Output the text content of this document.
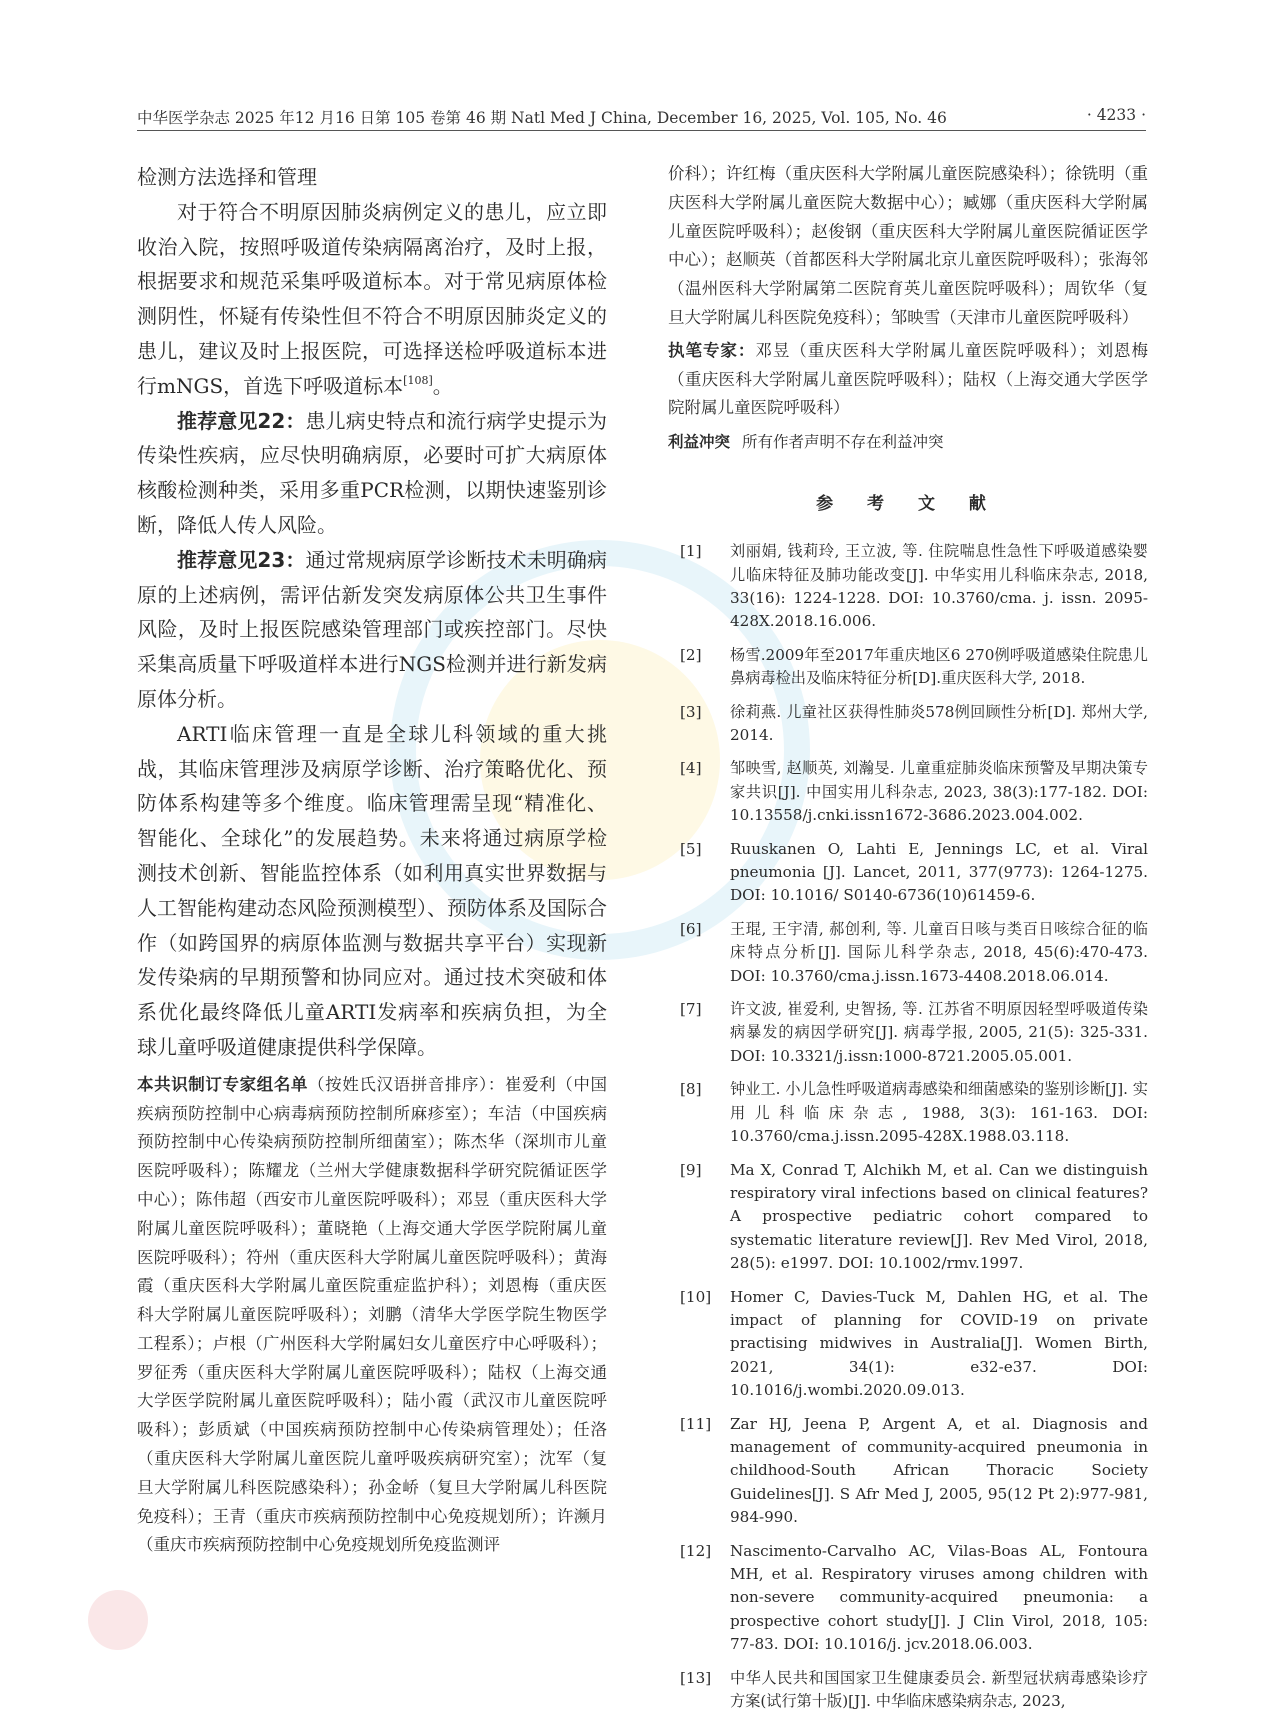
中华医学杂志 2025 年12 月16 日第 105 卷第 46 期 Natl Med J China, December 16, 2025, Vol. 105, No. 46	· 4233 ·

检测方法选择和管理

对于符合不明原因肺炎病例定义的患儿，应立即收治入院，按照呼吸道传染病隔离治疗，及时上报，根据要求和规范采集呼吸道标本。对于常见病原体检测阴性，怀疑有传染性但不符合不明原因肺炎定义的患儿，建议及时上报医院，可选择送检呼吸道标本进行mNGS，首选下呼吸道标本[108]。

推荐意见22：患儿病史特点和流行病学史提示为传染性疾病，应尽快明确病原，必要时可扩大病原体核酸检测种类，采用多重PCR检测，以期快速鉴别诊断，降低人传人风险。

推荐意见23：通过常规病原学诊断技术未明确病原的上述病例，需评估新发突发病原体公共卫生事件风险，及时上报医院感染管理部门或疾控部门。尽快采集高质量下呼吸道样本进行NGS检测并进行新发病原体分析。

ARTI临床管理一直是全球儿科领域的重大挑战，其临床管理涉及病原学诊断、治疗策略优化、预防体系构建等多个维度。临床管理需呈现“精准化、智能化、全球化”的发展趋势。未来将通过病原学检测技术创新、智能监控体系（如利用真实世界数据与人工智能构建动态风险预测模型）、预防体系及国际合作（如跨国界的病原体监测与数据共享平台）实现新发传染病的早期预警和协同应对。通过技术突破和体系优化最终降低儿童ARTI发病率和疾病负担，为全球儿童呼吸道健康提供科学保障。

本共识制订专家组名单（按姓氏汉语拼音排序）：崔爱利（中国疾病预防控制中心病毒病预防控制所麻疹室）；车洁（中国疾病预防控制中心传染病预防控制所细菌室）；陈杰华（深圳市儿童医院呼吸科）；陈耀龙（兰州大学健康数据科学研究院循证医学中心）；陈伟超（西安市儿童医院呼吸科）；邓昱（重庆医科大学附属儿童医院呼吸科）；董晓艳（上海交通大学医学院附属儿童医院呼吸科）；符州（重庆医科大学附属儿童医院呼吸科）；黄海霞（重庆医科大学附属儿童医院重症监护科）；刘恩梅（重庆医科大学附属儿童医院呼吸科）；刘鹏（清华大学医学院生物医学工程系）；卢根（广州医科大学附属妇女儿童医疗中心呼吸科）；罗征秀（重庆医科大学附属儿童医院呼吸科）；陆权（上海交通大学医学院附属儿童医院呼吸科）；陆小霞（武汉市儿童医院呼吸科）；彭质斌（中国疾病预防控制中心传染病管理处）；任洛（重庆医科大学附属儿童医院儿童呼吸疾病研究室）；沈军（复旦大学附属儿科医院感染科）；孙金峤（复旦大学附属儿科医院免疫科）；王青（重庆市疾病预防控制中心免疫规划所）；许濒月（重庆市疾病预防控制中心免疫规划所免疫监测评
价科）；许红梅（重庆医科大学附属儿童医院感染科）；徐铣明（重庆医科大学附属儿童医院大数据中心）；臧娜（重庆医科大学附属儿童医院呼吸科）；赵俊钢（重庆医科大学附属儿童医院循证医学中心）；赵顺英（首都医科大学附属北京儿童医院呼吸科）；张海邻（温州医科大学附属第二医院育英儿童医院呼吸科）；周钦华（复旦大学附属儿科医院免疫科）；邹映雪（天津市儿童医院呼吸科）
执笔专家：邓昱（重庆医科大学附属儿童医院呼吸科）；刘恩梅（重庆医科大学附属儿童医院呼吸科）；陆权（上海交通大学医学院附属儿童医院呼吸科）
利益冲突 所有作者声明不存在利益冲突
参 考 文 献
[1] 刘丽娟, 钱莉玲, 王立波, 等. 住院喘息性急性下呼吸道感染婴儿临床特征及肺功能改变[J]. 中华实用儿科临床杂志, 2018, 33(16): 1224-1228. DOI: 10.3760/cma. j. issn. 2095-428X.2018.16.006.
[2] 杨雪.2009年至2017年重庆地区6 270例呼吸道感染住院患儿鼻病毒检出及临床特征分析[D].重庆医科大学, 2018.
[3] 徐莉燕. 儿童社区获得性肺炎578例回顾性分析[D]. 郑州大学, 2014.
[4] 邹映雪, 赵顺英, 刘瀚旻. 儿童重症肺炎临床预警及早期决策专家共识[J]. 中国实用儿科杂志, 2023, 38(3):177-182. DOI: 10.13558/j.cnki.issn1672-3686.2023.004.002.
[5] Ruuskanen O, Lahti E, Jennings LC, et al. Viral pneumonia [J]. Lancet, 2011, 377(9773): 1264-1275. DOI: 10.1016/ S0140-6736(10)61459-6.
[6] 王琨, 王宇清, 郝创利, 等. 儿童百日咳与类百日咳综合征的临床特点分析[J]. 国际儿科学杂志, 2018, 45(6):470-473. DOI: 10.3760/cma.j.issn.1673-4408.2018.06.014.
[7] 许文波, 崔爱利, 史智扬, 等. 江苏省不明原因轻型呼吸道传染病暴发的病因学研究[J]. 病毒学报, 2005, 21(5): 325-331. DOI: 10.3321/j.issn:1000-8721.2005.05.001.
[8] 钟业工. 小儿急性呼吸道病毒感染和细菌感染的鉴别诊断[J]. 实用儿科临床杂志, 1988, 3(3): 161-163. DOI: 10.3760/cma.j.issn.2095-428X.1988.03.118.
[9] Ma X, Conrad T, Alchikh M, et al. Can we distinguish respiratory viral infections based on clinical features? A prospective pediatric cohort compared to systematic literature review[J]. Rev Med Virol, 2018, 28(5): e1997. DOI: 10.1002/rmv.1997.
[10] Homer C, Davies-Tuck M, Dahlen HG, et al. The impact of planning for COVID-19 on private practising midwives in Australia[J]. Women Birth, 2021, 34(1): e32-e37. DOI: 10.1016/j.wombi.2020.09.013.
[11] Zar HJ, Jeena P, Argent A, et al. Diagnosis and management of community-acquired pneumonia in childhood-South African Thoracic Society Guidelines[J]. S Afr Med J, 2005, 95(12 Pt 2):977-981, 984-990.
[12] Nascimento-Carvalho AC, Vilas-Boas AL, Fontoura MH, et al. Respiratory viruses among children with non-severe community-acquired pneumonia: a prospective cohort study[J]. J Clin Virol, 2018, 105: 77-83. DOI: 10.1016/j. jcv.2018.06.003.
[13] 中华人民共和国国家卫生健康委员会. 新型冠状病毒感染诊疗方案(试行第十版)[J]. 中华临床感染病杂志, 2023,
